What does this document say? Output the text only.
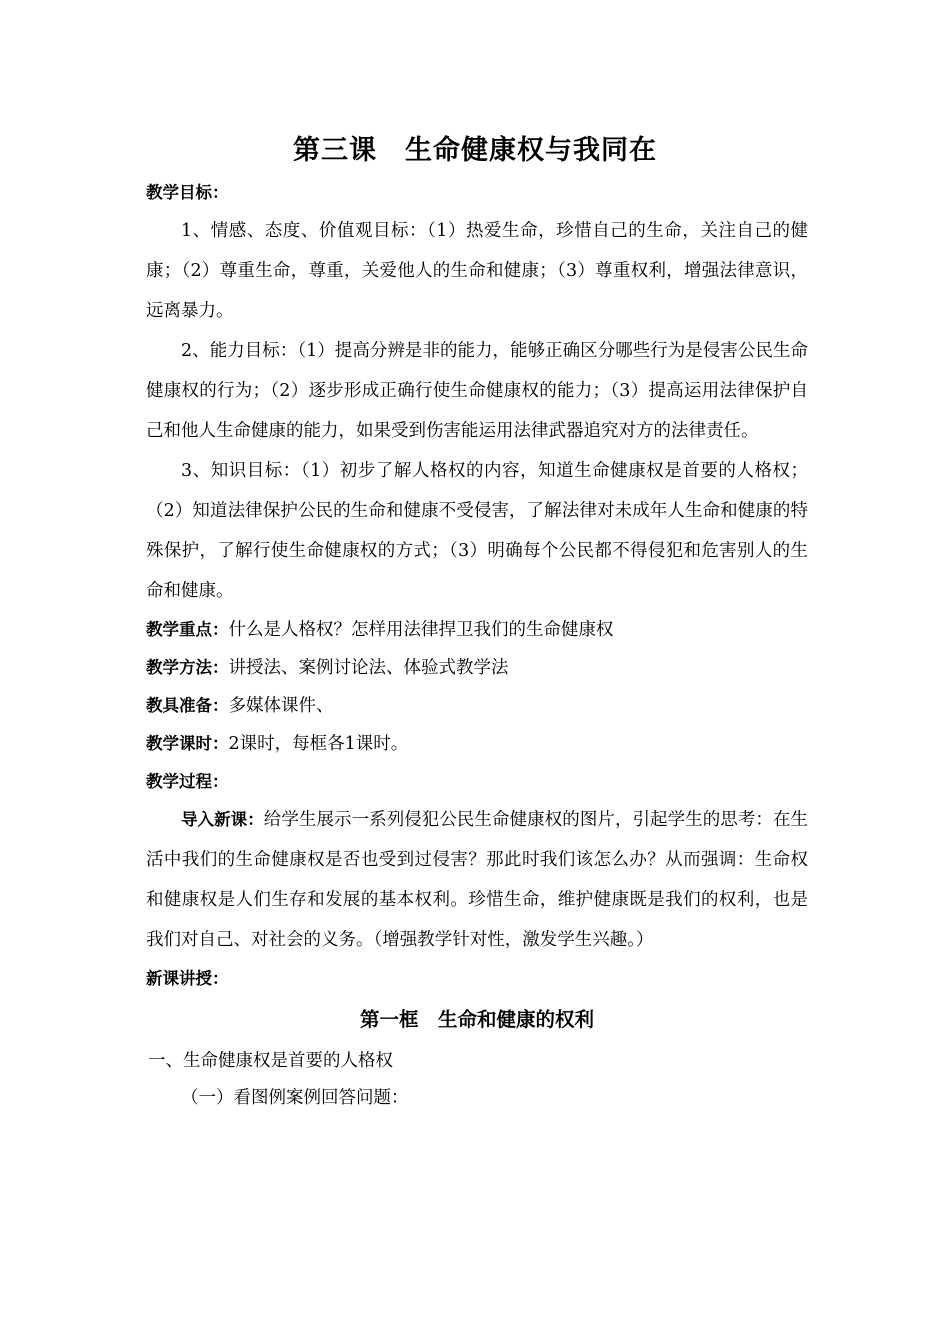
第三课　生命健康权与我同在

教学目标：

1、情感、态度、价值观目标：（1）热爱生命，珍惜自己的生命，关注自己的健康；（2）尊重生命，尊重，关爱他人的生命和健康；（3）尊重权利，增强法律意识，远离暴力。

2、能力目标：（1）提高分辨是非的能力，能够正确区分哪些行为是侵害公民生命健康权的行为；（2）逐步形成正确行使生命健康权的能力；（3）提高运用法律保护自己和他人生命健康的能力，如果受到伤害能运用法律武器追究对方的法律责任。

3、知识目标：（1）初步了解人格权的内容，知道生命健康权是首要的人格权；（2）知道法律保护公民的生命和健康不受侵害，了解法律对未成年人生命和健康的特殊保护，了解行使生命健康权的方式；（3）明确每个公民都不得侵犯和危害别人的生命和健康。

教学重点：什么是人格权？怎样用法律捍卫我们的生命健康权

教学方法：讲授法、案例讨论法、体验式教学法

教具准备：多媒体课件、

教学课时：2课时，每框各1课时。

教学过程：

导入新课：给学生展示一系列侵犯公民生命健康权的图片，引起学生的思考：在生活中我们的生命健康权是否也受到过侵害？那此时我们该怎么办？从而强调：生命权和健康权是人们生存和发展的基本权利。珍惜生命，维护健康既是我们的权利，也是我们对自己、对社会的义务。（增强教学针对性，激发学生兴趣。）

新课讲授：

第一框　生命和健康的权利

一、生命健康权是首要的人格权

（一）看图例案例回答问题：
